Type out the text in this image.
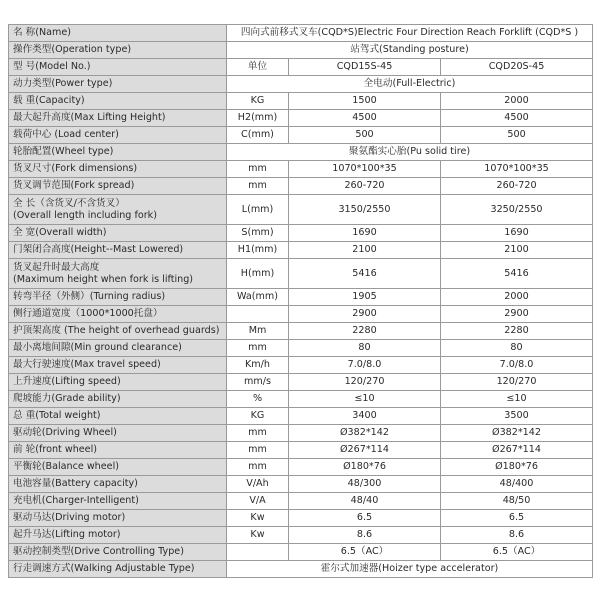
名 称(Name)	四向式前移式叉车(CQD*S)Electric Four Direction Reach Forklift (CQD*S )		
操作类型(Operation type)	站驾式(Standing posture)		
型 号(Model No.)	单位	CQD15S-45	CQD20S-45
动力类型(Power type)	全电动(Full-Electric)		
载 重(Capacity)	KG	1500	2000
最大起升高度(Max Lifting Height)	H2(mm)	4500	4500
载荷中心 (Load center)	C(mm)	500	500
轮胎配置(Wheel type)	聚氨酯实心胎(Pu solid tire)		
货叉尺寸(Fork dimensions)	mm	1070*100*35	1070*100*35
货叉调节范围(Fork spread)	mm	260-720	260-720
全 长（含货叉/不含货叉）
(Overall length including fork)	L(mm)	3150/2550	3250/2550
全 宽(Overall width)	S(mm)	1690	1690
门架闭合高度(Height--Mast Lowered)	H1(mm)	2100	2100
货叉起升时最大高度
(Maximum height when fork is lifting)	H(mm)	5416	5416
转弯半径（外侧）(Turning radius)	Wa(mm)	1905	2000
侧行通道宽度（1000*1000托盘）		2900	2900
护顶架高度 (The height of overhead guards)	Mm	2280	2280
最小离地间隙(Min ground clearance)	mm	80	80
最大行驶速度(Max travel speed)	Km/h	7.0/8.0	7.0/8.0
上升速度(Lifting speed)	mm/s	120/270	120/270
爬坡能力(Grade ability)	%	≤10	≤10
总 重(Total weight)	KG	3400	3500
驱动轮(Driving Wheel)	mm	Ø382*142	Ø382*142
前 轮(front wheel)	mm	Ø267*114	Ø267*114
平衡轮(Balance wheel)	mm	Ø180*76	Ø180*76
电池容量(Battery capacity)	V/Ah	48/300	48/400
充电机(Charger-Intelligent)	V/A	48/40	48/50
驱动马达(Driving motor)	Kw	6.5	6.5
起升马达(Lifting motor)	Kw	8.6	8.6
驱动控制类型(Drive Controlling Type)		6.5（AC）	6.5（AC）
行走调速方式(Walking Adjustable Type)	霍尔式加速器(Hoizer type accelerator)		
